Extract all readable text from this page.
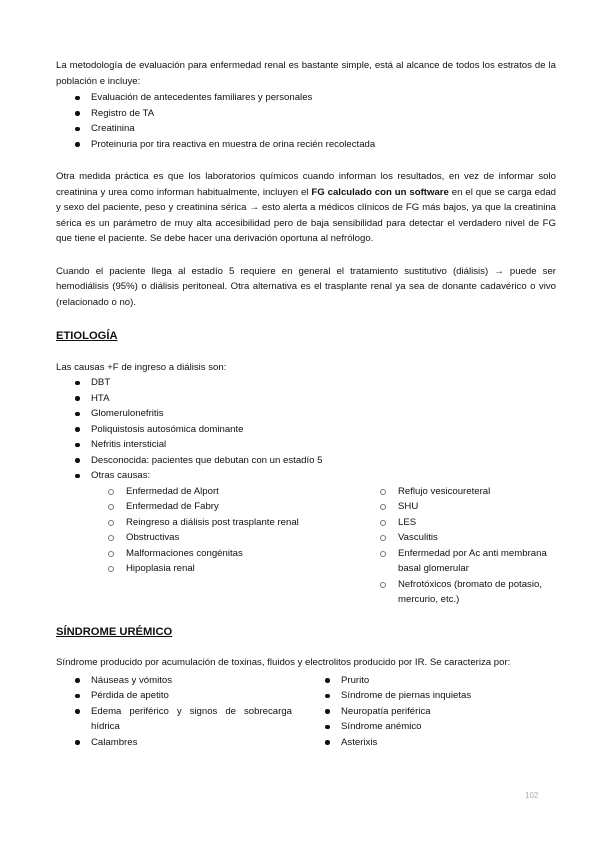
La metodología de evaluación para enfermedad renal es bastante simple, está al alcance de todos los estratos de la población e incluye:

Evaluación de antecedentes familiares y personales
Registro de TA
Creatinina
Proteinuria por tira reactiva en muestra de orina recién recolectada

Otra medida práctica es que los laboratorios químicos cuando informan los resultados, en vez de informar solo creatinina y urea como informan habitualmente, incluyen el FG calculado con un software en el que se carga edad y sexo del paciente, peso y creatinina sérica → esto alerta a médicos clínicos de FG más bajos, ya que la creatinina sérica es un parámetro de muy alta accesibilidad pero de baja sensibilidad para detectar el verdadero nivel de FG que tiene el paciente. Se debe hacer una derivación oportuna al nefrólogo.

Cuando el paciente llega al estadío 5 requiere en general el tratamiento sustitutivo (diálisis) → puede ser hemodiálisis (95%) o diálisis peritoneal. Otra alternativa es el trasplante renal ya sea de donante cadavérico o vivo (relacionado o no).

ETIOLOGÍA

Las causas +F de ingreso a diálisis son:

DBT
HTA
Glomerulonefritis
Poliquistosis autosómica dominante
Nefritis intersticial
Desconocida: pacientes que debutan con un estadío 5
Otras causas:
Enfermedad de Alport
Enfermedad de Fabry
Reingreso a diálisis post trasplante renal
Obstructivas
Malformaciones congénitas
Hipoplasia renal
Reflujo vesicoureteral
SHU
LES
Vasculitis
Enfermedad por Ac anti membrana basal glomerular
Nefrotóxicos (bromato de potasio, mercurio, etc.)
SÍNDROME URÉMICO

Síndrome producido por acumulación de toxinas, fluidos y electrolitos producido por IR. Se caracteriza por:

Náuseas y vómitos
Pérdida de apetito
Edema periférico y signos de sobrecarga hídrica
Calambres
Prurito
Síndrome de piernas inquietas
Neuropatía periférica
Síndrome anémico
Asterixis
102
